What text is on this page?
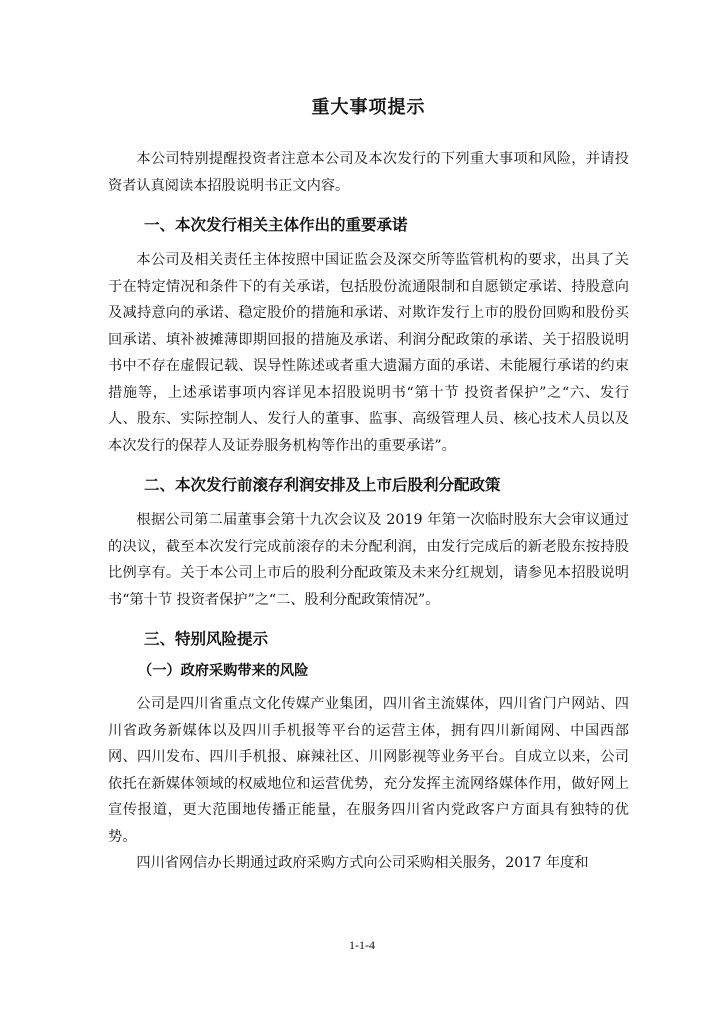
重大事项提示

本公司特别提醒投资者注意本公司及本次发行的下列重大事项和风险，并请投资者认真阅读本招股说明书正文内容。

一、本次发行相关主体作出的重要承诺

本公司及相关责任主体按照中国证监会及深交所等监管机构的要求，出具了关于在特定情况和条件下的有关承诺，包括股份流通限制和自愿锁定承诺、持股意向及减持意向的承诺、稳定股价的措施和承诺、对欺诈发行上市的股份回购和股份买回承诺、填补被摊薄即期回报的措施及承诺、利润分配政策的承诺、关于招股说明书中不存在虚假记载、误导性陈述或者重大遗漏方面的承诺、未能履行承诺的约束措施等，上述承诺事项内容详见本招股说明书“第十节 投资者保护”之“六、发行人、股东、实际控制人、发行人的董事、监事、高级管理人员、核心技术人员以及本次发行的保荐人及证券服务机构等作出的重要承诺”。

二、本次发行前滚存利润安排及上市后股利分配政策

根据公司第二届董事会第十九次会议及 2019 年第一次临时股东大会审议通过的决议，截至本次发行完成前滚存的未分配利润，由发行完成后的新老股东按持股比例享有。关于本公司上市后的股利分配政策及未来分红规划，请参见本招股说明书“第十节 投资者保护”之“二、股利分配政策情况”。

三、特别风险提示
（一）政府采购带来的风险

公司是四川省重点文化传媒产业集团，四川省主流媒体，四川省门户网站、四川省政务新媒体以及四川手机报等平台的运营主体，拥有四川新闻网、中国西部网、四川发布、四川手机报、麻辣社区、川网影视等业务平台。自成立以来，公司依托在新媒体领域的权威地位和运营优势，充分发挥主流网络媒体作用，做好网上宣传报道，更大范围地传播正能量，在服务四川省内党政客户方面具有独特的优势。

四川省网信办长期通过政府采购方式向公司采购相关服务，2017 年度和

1-1-4
